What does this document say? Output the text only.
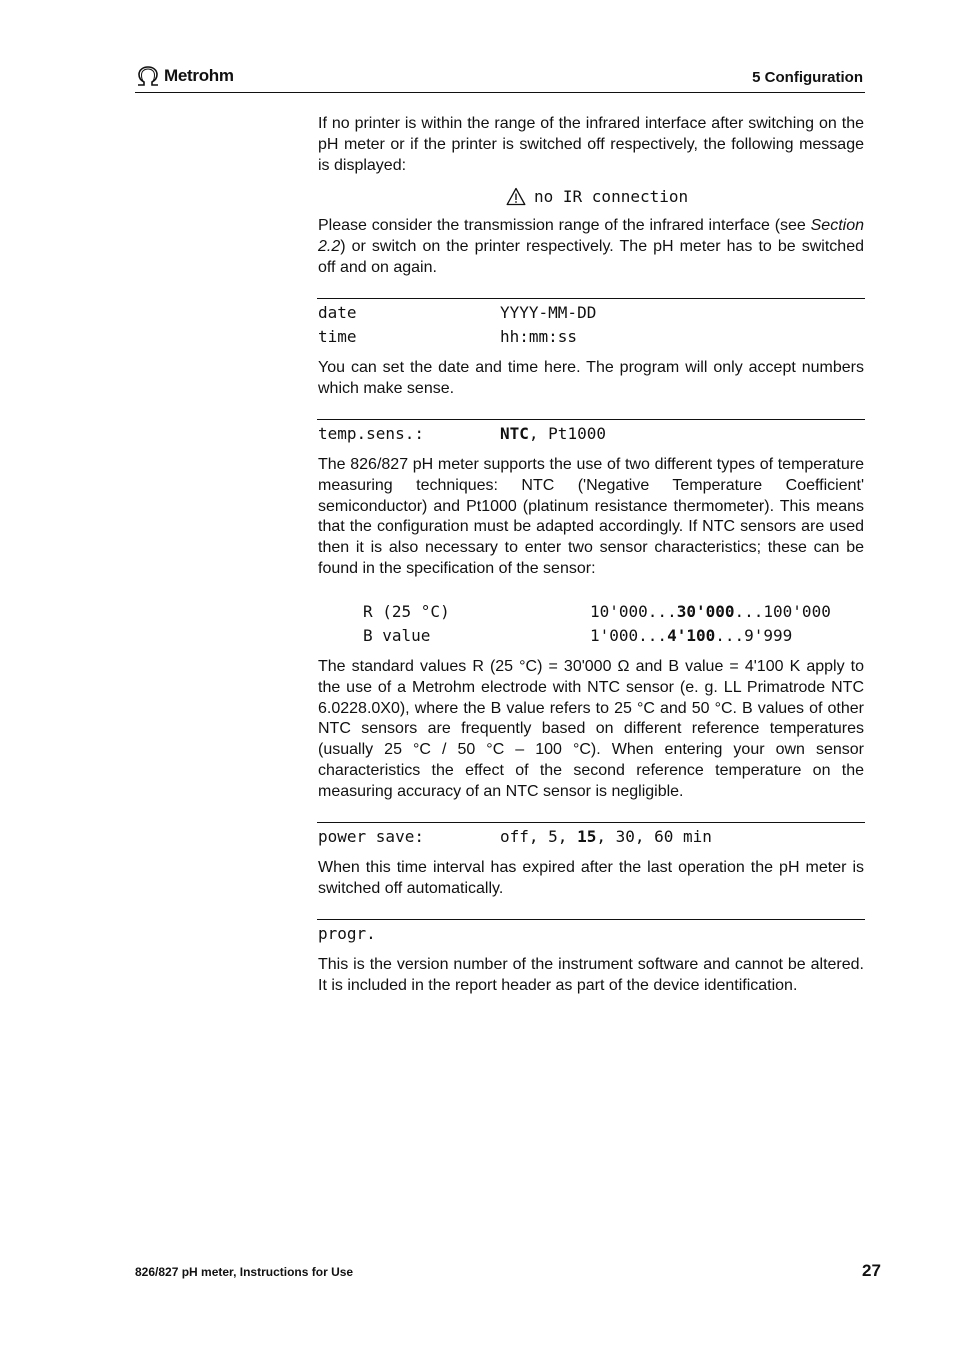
Metrohm	5 Configuration
If no printer is within the range of the infrared interface after switching on the pH meter or if the printer is switched off respectively, the following message is displayed:
no IR connection
Please consider the transmission range of the infrared interface (see Section 2.2) or switch on the printer respectively. The pH meter has to be switched off and on again.
date	YYYY-MM-DD
time	hh:mm:ss
You can set the date and time here. The program will only accept numbers which make sense.
temp.sens.:	NTC, Pt1000
The 826/827 pH meter supports the use of two different types of temperature measuring techniques: NTC ('Negative Temperature Coefficient' semiconductor) and Pt1000 (platinum resistance thermometer). This means that the configuration must be adapted accordingly. If NTC sensors are used then it is also necessary to enter two sensor characteristics; these can be found in the specification of the sensor:
R (25 °C)	10'000...30'000...100'000
B value	1'000...4'100...9'999
The standard values R (25 °C) = 30'000 Ω and B value = 4'100 K apply to the use of a Metrohm electrode with NTC sensor (e. g. LL Primatrode NTC 6.0228.0X0), where the B value refers to 25 °C and 50 °C. B values of other NTC sensors are frequently based on different reference temperatures (usually 25 °C / 50 °C – 100 °C). When entering your own sensor characteristics the effect of the second reference temperature on the measuring accuracy of an NTC sensor is negligible.
power save:	off, 5, 15, 30, 60 min
When this time interval has expired after the last operation the pH meter is switched off automatically.
progr.
This is the version number of the instrument software and cannot be altered. It is included in the report header as part of the device identification.
826/827 pH meter, Instructions for Use	27
